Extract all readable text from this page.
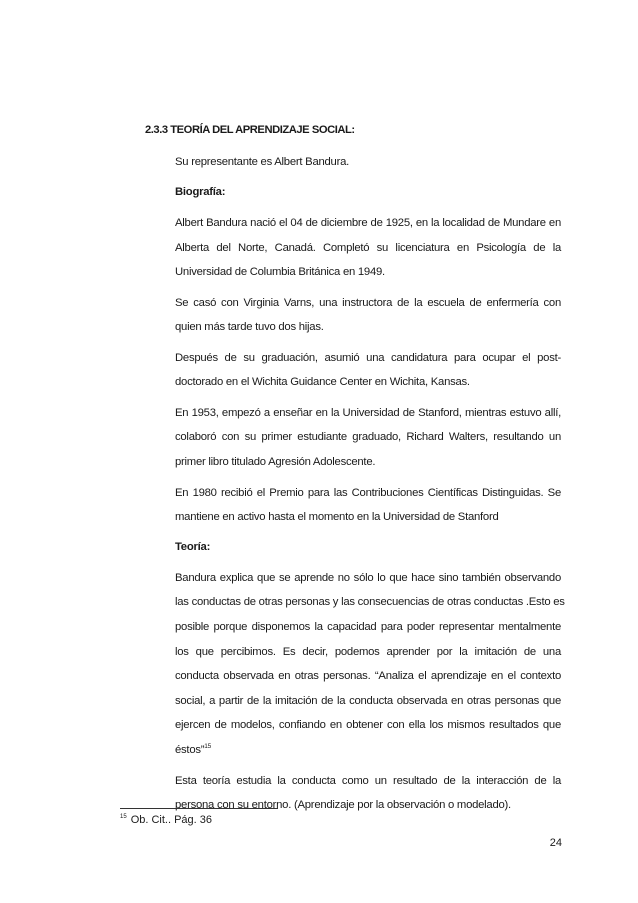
2.3.3 TEORÍA DEL APRENDIZAJE SOCIAL:
Su representante es Albert Bandura.
Biografía:
Albert Bandura nació el 04 de diciembre de 1925, en la localidad de Mundare en
Alberta del Norte, Canadá. Completó su licenciatura en Psicología de la
Universidad de Columbia Británica en 1949.
Se casó con Virginia Varns, una instructora de la escuela de enfermería con
quien más tarde tuvo dos hijas.
Después de su graduación, asumió una candidatura para ocupar el post-
doctorado en el Wichita Guidance Center en Wichita, Kansas.
En 1953, empezó a enseñar en la Universidad de Stanford, mientras estuvo allí,
colaboró con su primer estudiante graduado, Richard Walters, resultando un
primer libro titulado Agresión Adolescente.
En 1980 recibió el Premio para las Contribuciones Científicas Distinguidas. Se
mantiene en activo hasta el momento en la Universidad de Stanford
Teoría:
Bandura explica que se aprende no sólo lo que hace sino también observando
las conductas de otras personas y las consecuencias de otras conductas .Esto es
posible porque disponemos la capacidad para poder representar mentalmente
los que percibimos. Es decir, podemos aprender por la imitación de una
conducta observada en otras personas. “Analiza el aprendizaje en el contexto
social, a partir de la imitación de la conducta observada en otras personas que
ejercen de modelos, confiando en obtener con ella los mismos resultados que
éstos”$^{15}$
Esta teoría estudia la conducta como un resultado de la interacción de la
persona con su entorno. (Aprendizaje por la observación o modelado).
$^{15}$ Ob. Cit.. Pág. 36
24
